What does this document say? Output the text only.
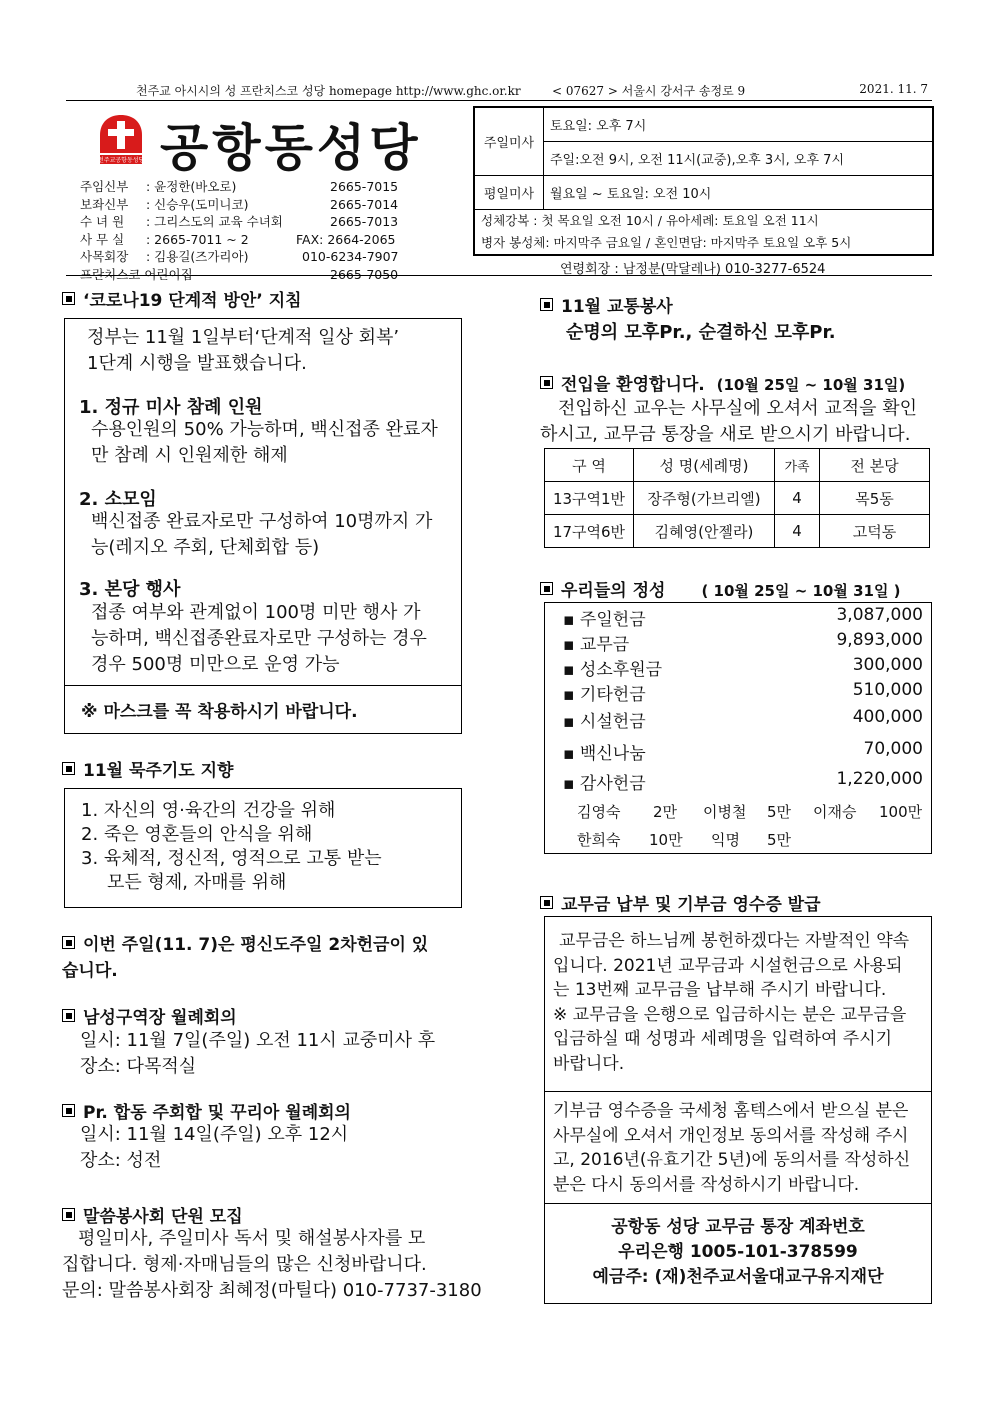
천주교 아시시의 성 프란치스코 성당 homepage http://www.ghc.or.kr	< 07627 > 서울시 강서구 송정로 9	2021. 11. 7
천주교공항동성당 공항동성당
주임신부 : 윤정한(바오로)	2665-7015
보좌신부 : 신승우(도미니코)	2665-7014
수 녀 원 : 그리스도의 교육 수녀회	2665-7013
사 무 실 : 2665-7011 ~ 2	FAX: 2664-2065
사목회장 : 김용길(즈가리아)	010-6234-7907
프란치스코 어린이집	2665-7050
주일미사	토요일: 오후 7시
	주일:오전 9시, 오전 11시(교중),오후 3시, 오후 7시
평일미사	월요일 ~ 토요일: 오전 10시

성체강복 : 첫 목요일 오전 10시 / 유아세례: 토요일 오전 11시
병자 봉성체: 마지막주 금요일 / 혼인면담: 마지막주 토요일 오후 5시	
연령회장 : 남정분(막달레나) 010-3277-6524
‘코로나19 단계적 방안’ 지침
정부는 11월 1일부터‘단계적 일상 회복’
1단계 시행을 발표했습니다.
1. 정규 미사 참례 인원
수용인원의 50% 가능하며, 백신접종 완료자
만 참례 시 인원제한 해제
2. 소모임
백신접종 완료자로만 구성하여 10명까지 가
능(레지오 주회, 단체회합 등)
3. 본당 행사
접종 여부와 관계없이 100명 미만 행사 가
능하며, 백신접종완료자로만 구성하는 경우
경우 500명 미만으로 운영 가능
※ 마스크를 꼭 착용하시기 바랍니다.
11월 묵주기도 지향
1. 자신의 영·육간의 건강을 위해
2. 죽은 영혼들의 안식을 위해
3. 육체적, 정신적, 영적으로 고통 받는
모든 형제, 자매를 위해
이번 주일(11. 7)은 평신도주일 2차헌금이 있
습니다.
남성구역장 월례회의
일시: 11월 7일(주일) 오전 11시 교중미사 후
장소: 다목적실
Pr. 합동 주회합 및 꾸리아 월례회의
일시: 11월 14일(주일) 오후 12시
장소: 성전
말씀봉사회 단원 모집
평일미사, 주일미사 독서 및 해설봉사자를 모
집합니다. 형제·자매님들의 많은 신청바랍니다.
문의: 말씀봉사회장 최혜정(마틸다) 010-7737-3180
11월 교통봉사
순명의 모후Pr., 순결하신 모후Pr.
전입을 환영합니다. (10월 25일 ~ 10월 31일)
전입하신 교우는 사무실에 오셔서 교적을 확인
하시고, 교무금 통장을 새로 받으시기 바랍니다.
구 역	성 명(세례명)	가족	전 본당
13구역1반	장주형(가브리엘)	4	목5동
17구역6반	김혜영(안젤라)	4	고덕동
우리들의 정성 ( 10월 25일 ~ 10월 31일 )
▪ 주일헌금	3,087,000
▪ 교무금	9,893,000
▪ 성소후원금	300,000
▪ 기타헌금	510,000
▪ 시설헌금	400,000
▪ 백신나눔	70,000
▪ 감사헌금	1,220,000
김영숙 2만 이병철 5만 이재승 100만
한희숙 10만 익명 5만
교무금 납부 및 기부금 영수증 발급
교무금은 하느님께 봉헌하겠다는 자발적인 약속
입니다. 2021년 교무금과 시설헌금으로 사용되
는 13번째 교무금을 납부해 주시기 바랍니다.
※ 교무금을 은행으로 입금하시는 분은 교무금을
입금하실 때 성명과 세례명을 입력하여 주시기
바랍니다.
기부금 영수증을 국세청 홈텍스에서 받으실 분은
사무실에 오셔서 개인정보 동의서를 작성해 주시
고, 2016년(유효기간 5년)에 동의서를 작성하신
분은 다시 동의서를 작성하시기 바랍니다.
공항동 성당 교무금 통장 계좌번호
우리은행 1005-101-378599
예금주: (재)천주교서울대교구유지재단
